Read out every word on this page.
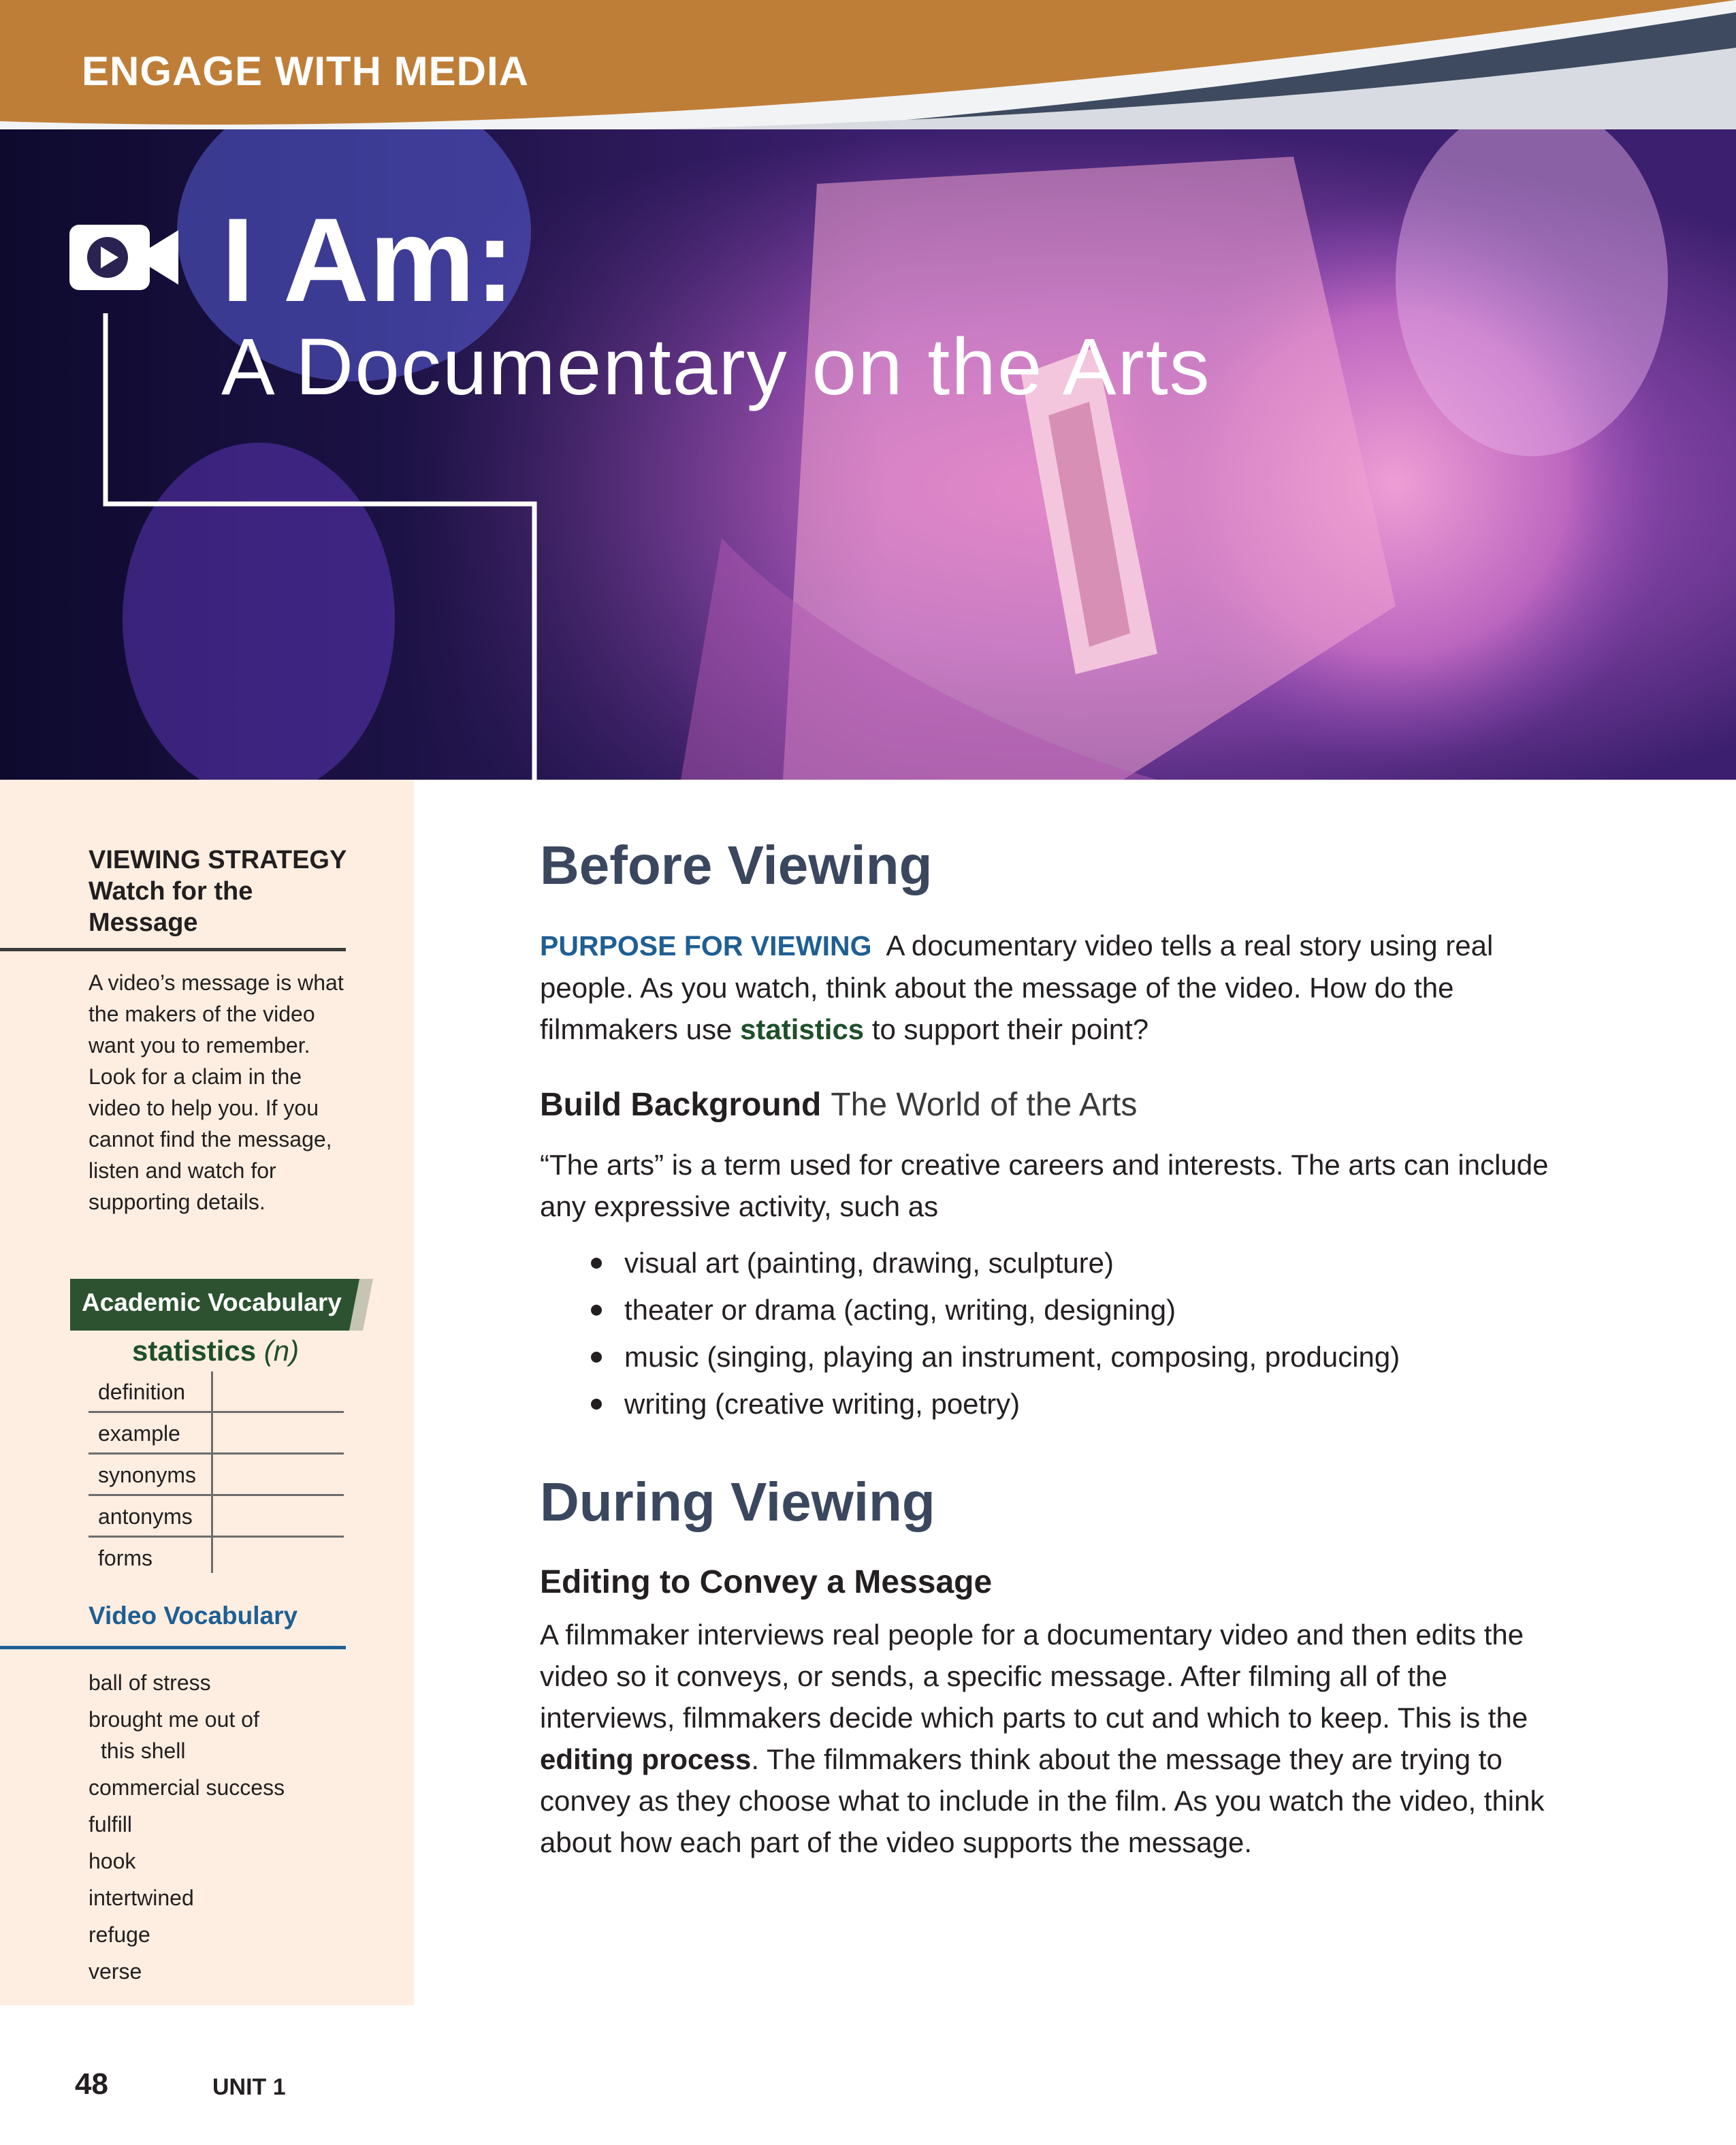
ENGAGE WITH MEDIA
I Am:
A Documentary on the Arts
VIEWING STRATEGY
Watch for the
Message
A video’s message is what the makers of the video want you to remember. Look for a claim in the video to help you. If you cannot find the message, listen and watch for supporting details.
Academic Vocabulary
statistics (n)
definition
example
synonyms
antonyms
forms
Video Vocabulary
ball of stress
brought me out of
this shell
commercial success
fulfill
hook
intertwined
refuge
verse
Before Viewing
PURPOSE FOR VIEWING A documentary video tells a real story using real people. As you watch, think about the message of the video. How do the filmmakers use statistics to support their point?
Build Background The World of the Arts
“The arts” is a term used for creative careers and interests. The arts can include any expressive activity, such as
visual art (painting, drawing, sculpture)
theater or drama (acting, writing, designing)
music (singing, playing an instrument, composing, producing)
writing (creative writing, poetry)
During Viewing
Editing to Convey a Message
A filmmaker interviews real people for a documentary video and then edits the video so it conveys, or sends, a specific message. After filming all of the interviews, filmmakers decide which parts to cut and which to keep. This is the editing process. The filmmakers think about the message they are trying to convey as they choose what to include in the film. As you watch the video, think about how each part of the video supports the message.
48	UNIT 1
